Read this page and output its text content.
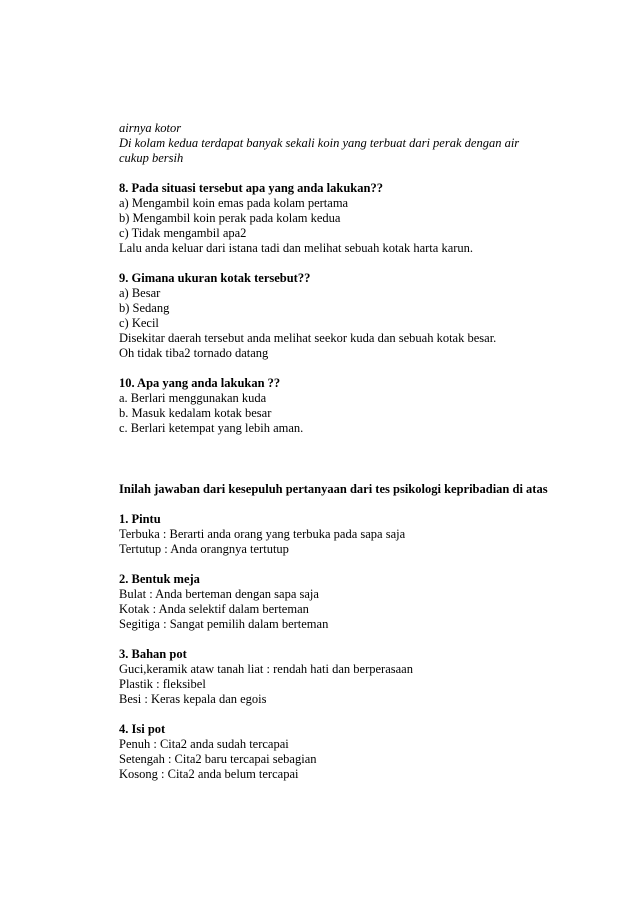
airnya kotor

Di kolam kedua terdapat banyak sekali koin yang terbuat dari perak dengan air

cukup bersih

8. Pada situasi tersebut apa yang anda lakukan??

a) Mengambil koin emas pada kolam pertama

b) Mengambil koin perak pada kolam kedua

c) Tidak mengambil apa2

Lalu anda keluar dari istana tadi dan melihat sebuah kotak harta karun.

9. Gimana ukuran kotak tersebut??

a) Besar

b) Sedang

c) Kecil

Disekitar daerah tersebut anda melihat seekor kuda dan sebuah kotak besar.

Oh tidak tiba2 tornado datang

10. Apa yang anda lakukan ??

a. Berlari menggunakan kuda

b. Masuk kedalam kotak besar

c. Berlari ketempat yang lebih aman.

Inilah jawaban dari kesepuluh pertanyaan dari tes psikologi kepribadian di atas

1. Pintu

Terbuka : Berarti anda orang yang terbuka pada sapa saja

Tertutup : Anda orangnya tertutup

2. Bentuk meja

Bulat : Anda berteman dengan sapa saja

Kotak : Anda selektif dalam berteman

Segitiga : Sangat pemilih dalam berteman

3. Bahan pot

Guci,keramik ataw tanah liat : rendah hati dan berperasaan

Plastik : fleksibel

Besi : Keras kepala dan egois

4. Isi pot

Penuh : Cita2 anda sudah tercapai

Setengah : Cita2 baru tercapai sebagian

Kosong : Cita2 anda belum tercapai
